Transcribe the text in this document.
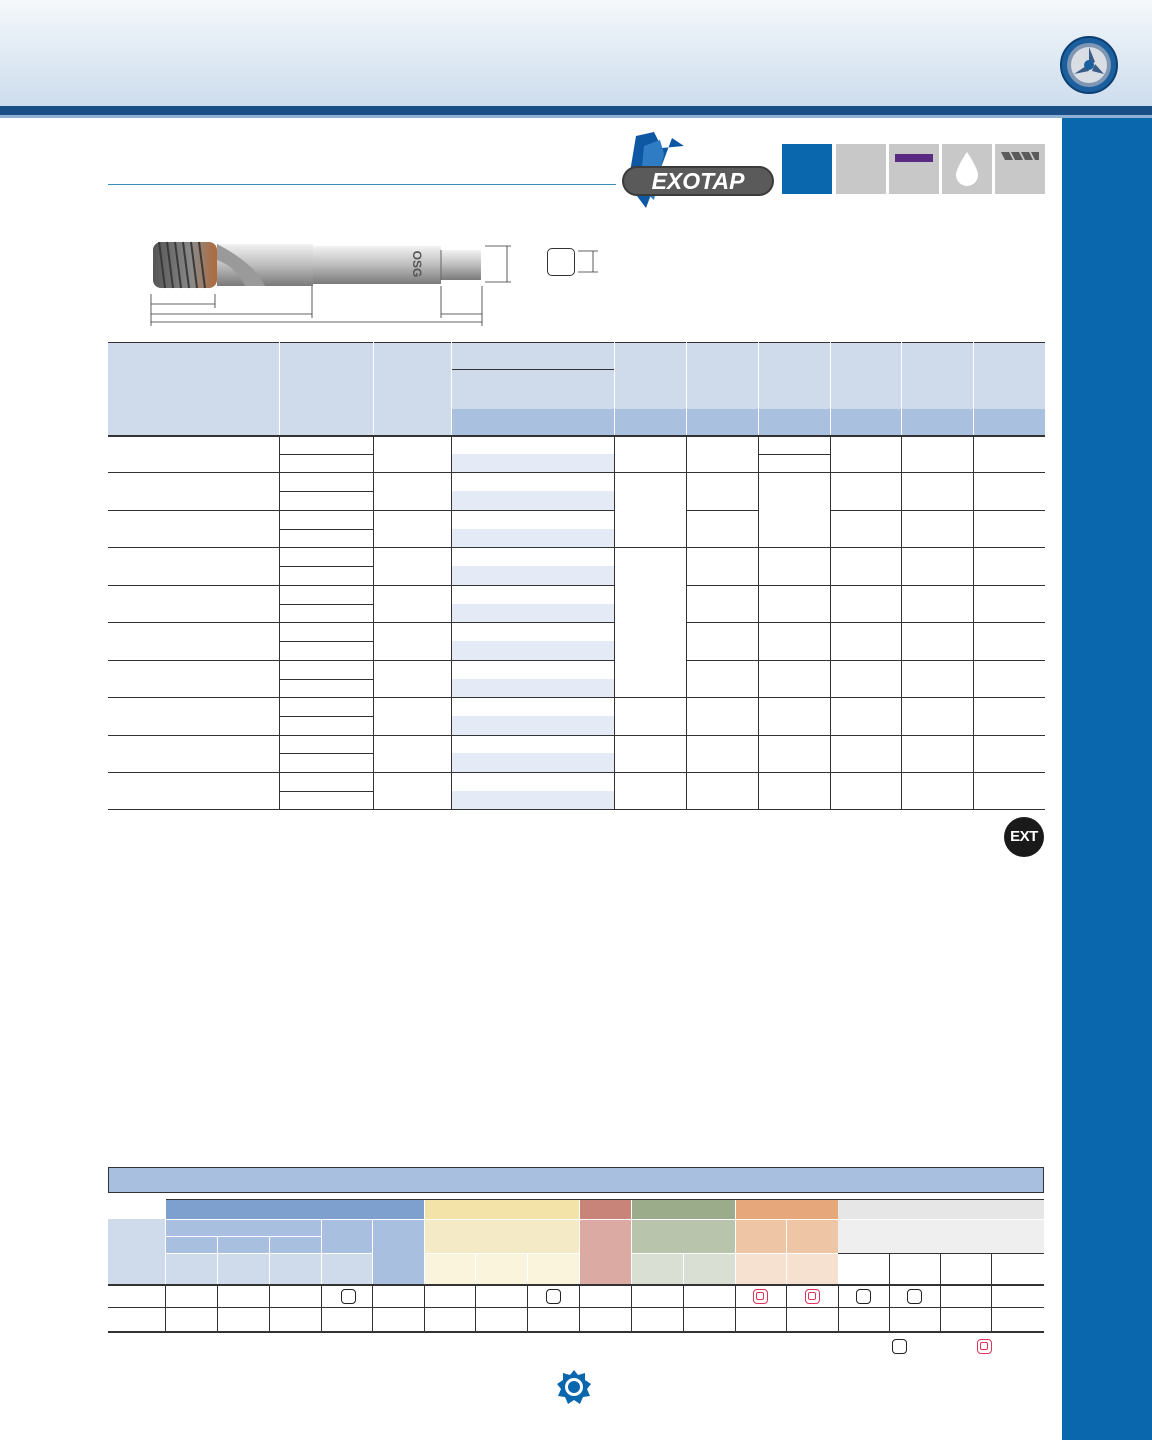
EXOTAP
OSG
EXT
